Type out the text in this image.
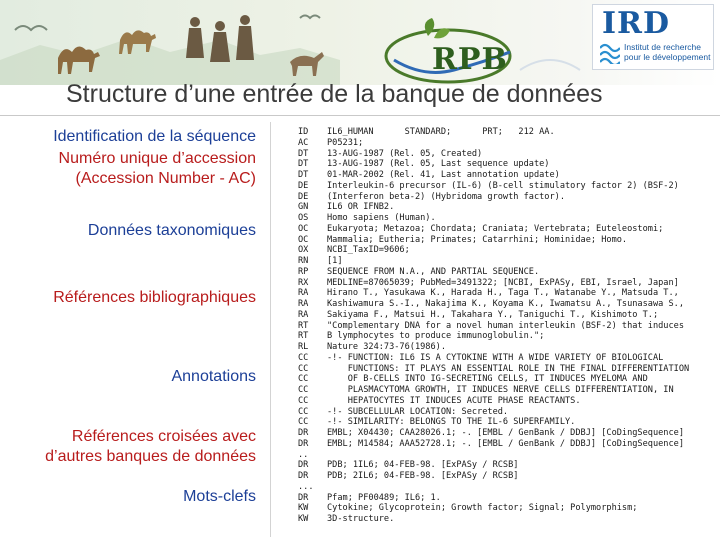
RPB
IRD
Institut de recherche pour le développement
Structure d’une entrée de la banque de données
Identification de la séquence
Numéro unique d’accession
(Accession Number - AC)
Données taxonomiques
Références bibliographiques
Annotations
Références croisées avec
d’autres banques de données
Mots-clefs
ID
AC
DT
DT
DT
DE
DE
GN
OS
OC
OC
OX
RN
RP
RX
RA
RA
RA
RT
RT
RL
CC
CC
CC
CC
CC
CC
CC
DR
DR
..
DR
DR
...
DR
KW
KW
IL6_HUMAN      STANDARD;      PRT;   212 AA.
P05231;
13-AUG-1987 (Rel. 05, Created)
13-AUG-1987 (Rel. 05, Last sequence update)
01-MAR-2002 (Rel. 41, Last annotation update)
Interleukin-6 precursor (IL-6) (B-cell stimulatory factor 2) (BSF-2)
(Interferon beta-2) (Hybridoma growth factor).
IL6 OR IFNB2.
Homo sapiens (Human).
Eukaryota; Metazoa; Chordata; Craniata; Vertebrata; Euteleostomi;
Mammalia; Eutheria; Primates; Catarrhini; Hominidae; Homo.
NCBI_TaxID=9606;
[1]
SEQUENCE FROM N.A., AND PARTIAL SEQUENCE.
MEDLINE=87065039; PubMed=3491322; [NCBI, ExPASy, EBI, Israel, Japan]
Hirano T., Yasukawa K., Harada H., Taga T., Watanabe Y., Matsuda T.,
Kashiwamura S.-I., Nakajima K., Koyama K., Iwamatsu A., Tsunasawa S.,
Sakiyama F., Matsui H., Takahara Y., Taniguchi T., Kishimoto T.;
"Complementary DNA for a novel human interleukin (BSF-2) that induces
B lymphocytes to produce immunoglobulin.";
Nature 324:73-76(1986).
-!- FUNCTION: IL6 IS A CYTOKINE WITH A WIDE VARIETY OF BIOLOGICAL
FUNCTIONS: IT PLAYS AN ESSENTIAL ROLE IN THE FINAL DIFFERENTIATION
OF B-CELLS INTO IG-SECRETING CELLS, IT INDUCES MYELOMA AND
PLASMACYTOMA GROWTH, IT INDUCES NERVE CELLS DIFFERENTIATION, IN
HEPATOCYTES IT INDUCES ACUTE PHASE REACTANTS.
-!- SUBCELLULAR LOCATION: Secreted.
-!- SIMILARITY: BELONGS TO THE IL-6 SUPERFAMILY.
EMBL; X04430; CAA28026.1; -. [EMBL / GenBank / DDBJ] [CoDingSequence]
EMBL; M14584; AAA52728.1; -. [EMBL / GenBank / DDBJ] [CoDingSequence]
PDB; 1IL6; 04-FEB-98. [ExPASy / RCSB]
PDB; 2IL6; 04-FEB-98. [ExPASy / RCSB]
Pfam; PF00489; IL6; 1.
Cytokine; Glycoprotein; Growth factor; Signal; Polymorphism;
3D-structure.
